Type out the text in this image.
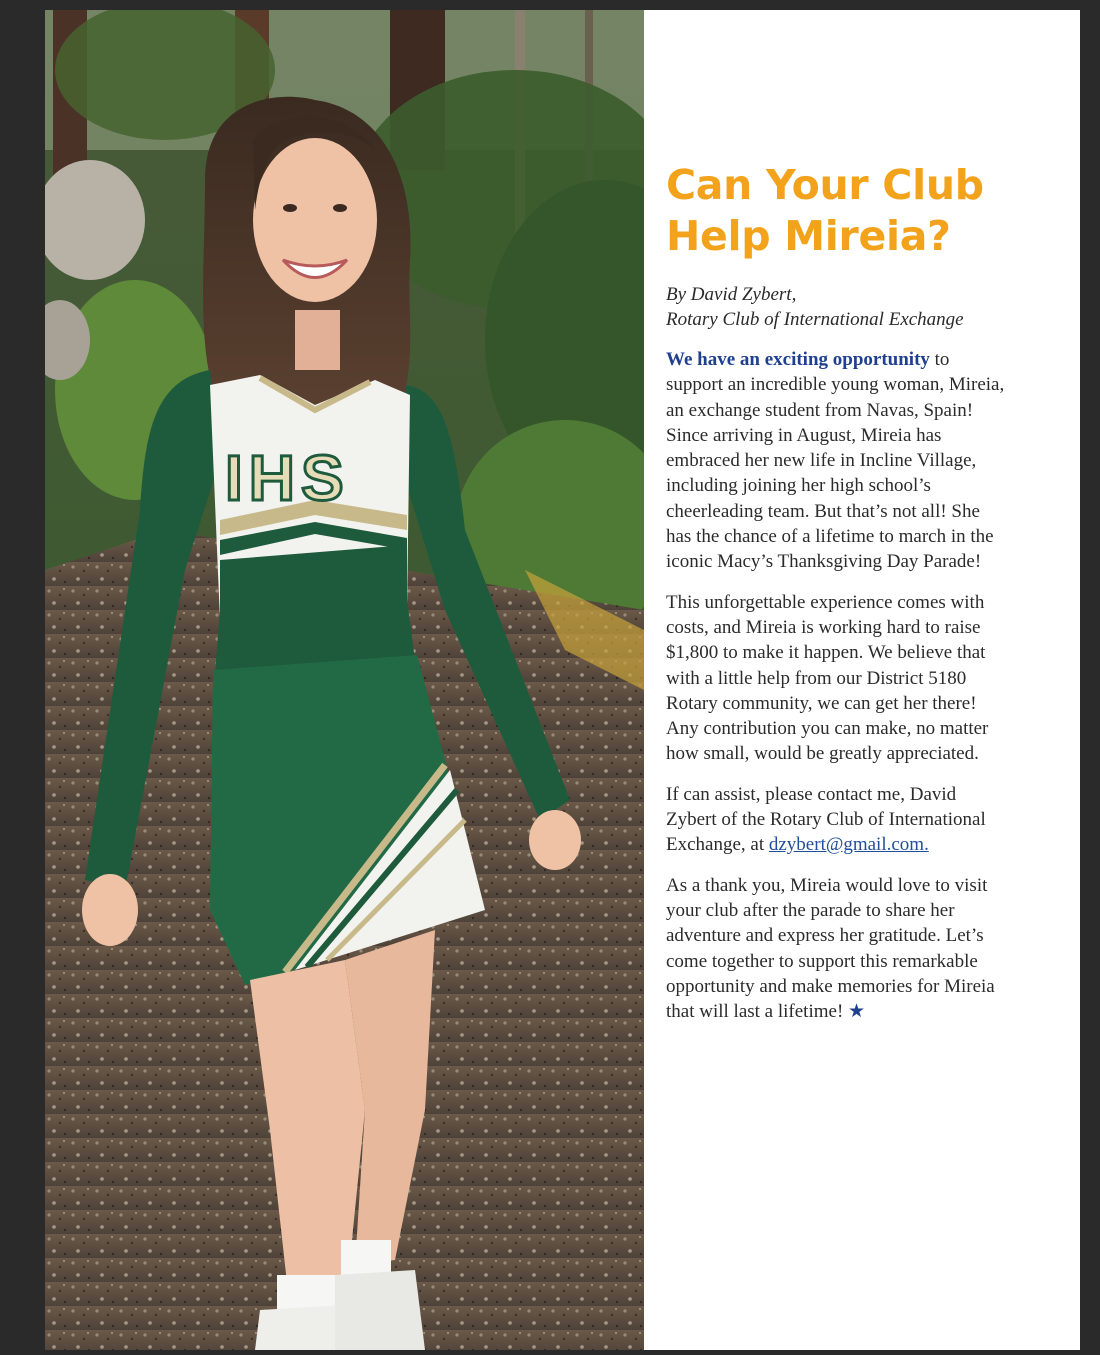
IHS
Can Your Club
Help Mireia?
By David Zybert,
Rotary Club of International Exchange

We have an exciting opportunity to support an incredible young woman, Mireia, an exchange student from Navas, Spain! Since arriving in August, Mireia has embraced her new life in Incline Village, including joining her high school’s cheerleading team. But that’s not all! She has the chance of a lifetime to march in the iconic Macy’s Thanksgiving Day Parade!

This unforgettable experience comes with costs, and Mireia is working hard to raise $1,800 to make it happen. We believe that with a little help from our District 5180 Rotary community, we can get her there! Any contribution you can make, no matter how small, would be greatly appreciated.

If can assist, please contact me, David Zybert of the Rotary Club of International Exchange, at dzybert@gmail.com.

As a thank you, Mireia would love to visit your club after the parade to share her adventure and express her gratitude. Let’s come together to support this remarkable opportunity and make memories for Mireia that will last a lifetime! ★
